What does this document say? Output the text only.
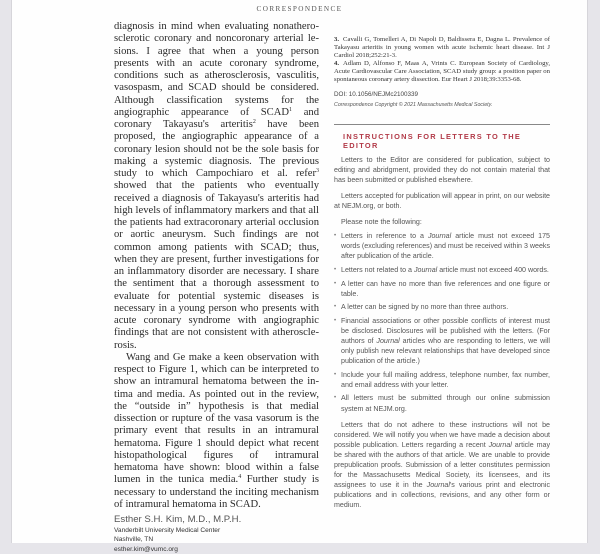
CORRESPONDENCE

diagnosis in mind when evaluating nonatherosclerotic coronary and noncoronary arterial lesions. I agree that when a young person presents with an acute coronary syndrome, conditions such as atherosclerosis, vasculitis, vasospasm, and SCAD should be considered. Although classification systems for the angiographic appearance of SCAD$^1$ and coronary Takayasu's arteritis$^2$ have been proposed, the angiographic appearance of a coronary lesion should not be the sole basis for making a systemic diagnosis. The previous study to which Campochiaro et al. refer$^3$ showed that the patients who eventually received a diagnosis of Takayasu's arteritis had high levels of inflammatory markers and that all the patients had extracoronary arterial occlusion or aortic aneurysm. Such findings are not common among patients with SCAD; thus, when they are present, further investigations for an inflammatory disorder are necessary. I share the sentiment that a thorough assessment to evaluate for potential systemic diseases is necessary in a young person who presents with acute coronary syndrome with angiographic findings that are not consistent with atherosclerosis.

Wang and Ge make a keen observation with respect to Figure 1, which can be interpreted to show an intramural hematoma between the intima and media. As pointed out in the review, the “outside in” hypothesis is that medial dissection or rupture of the vasa vasorum is the primary event that results in an intramural hematoma. Figure 1 should depict what recent histopathological figures of intramural hematoma have shown: blood within a false lumen in the tunica media.$^4$ Further study is necessary to understand the inciting mechanism of intramural hematoma in SCAD.

Esther S.H. Kim, M.D., M.P.H.
Vanderbilt University Medical Center
Nashville, TN
esther.kim@vumc.org

3. Cavalli G, Tomelleri A, Di Napoli D, Baldissera E, Dagna L. Prevalence of Takayasu arteritis in young women with acute ischemic heart disease. Int J Cardiol 2018;252:21-3.

4. Adlam D, Alfonso F, Maas A, Vrints C. European Society of Cardiology, Acute Cardiovascular Care Association, SCAD study group: a position paper on spontaneous coronary artery dissection. Eur Heart J 2018;39:3353-68.

DOI: 10.1056/NEJMc2100339
Correspondence Copyright © 2021 Massachusetts Medical Society.
INSTRUCTIONS FOR LETTERS TO THE EDITOR

Letters to the Editor are considered for publication, subject to editing and abridgment, provided they do not contain material that has been submitted or published elsewhere.

Letters accepted for publication will appear in print, on our website at NEJM.org, or both.

Please note the following:

• Letters in reference to a Journal article must not exceed 175 words (excluding references) and must be received within 3 weeks after publication of the article.
• Letters not related to a Journal article must not exceed 400 words.
• A letter can have no more than five references and one figure or table.
• A letter can be signed by no more than three authors.
• Financial associations or other possible conflicts of interest must be disclosed. Disclosures will be published with the letters. (For authors of Journal articles who are responding to letters, we will only publish new relevant relationships that have developed since publication of the article.)
• Include your full mailing address, telephone number, fax number, and email address with your letter.
• All letters must be submitted through our online submission system at NEJM.org.

Letters that do not adhere to these instructions will not be considered. We will notify you when we have made a decision about possible publication. Letters regarding a recent Journal article may be shared with the authors of that article. We are unable to provide prepublication proofs. Submission of a letter constitutes permission for the Massachusetts Medical Society, its licensees, and its assignees to use it in the Journal's various print and electronic publications and in collections, revisions, and any other form or medium.
